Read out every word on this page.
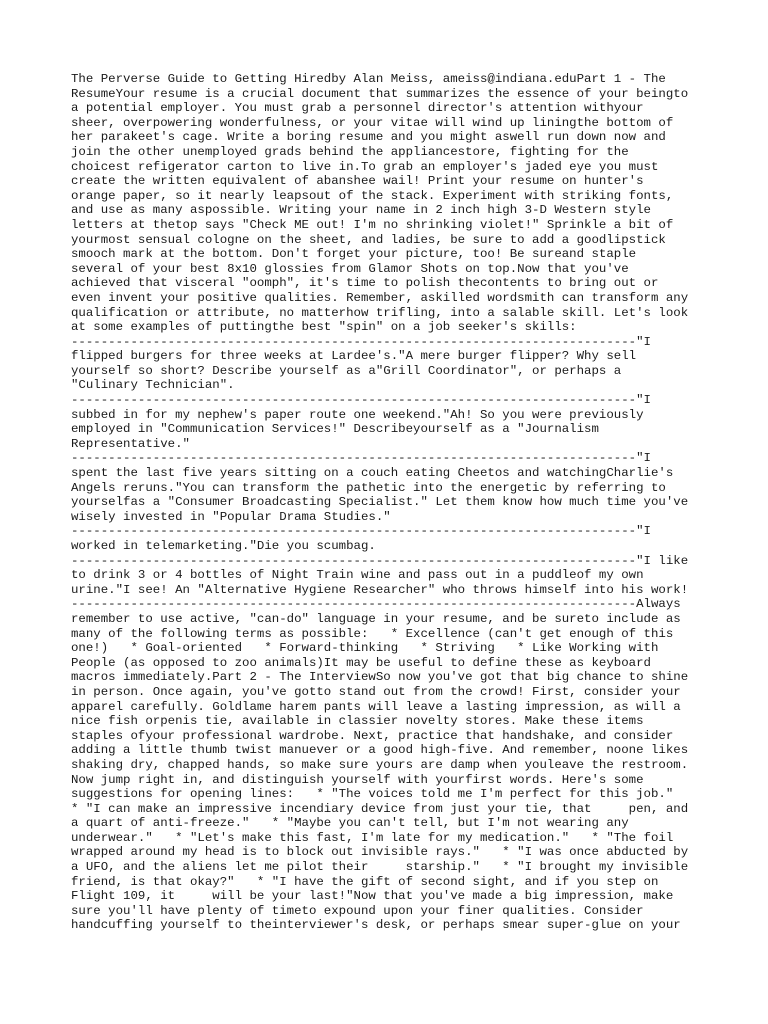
The Perverse Guide to Getting Hiredby Alan Meiss, ameiss@indiana.eduPart 1 - The
ResumeYour resume is a crucial document that summarizes the essence of your beingto
a potential employer. You must grab a personnel director's attention withyour
sheer, overpowering wonderfulness, or your vitae will wind up liningthe bottom of
her parakeet's cage. Write a boring resume and you might aswell run down now and
join the other unemployed grads behind the appliancestore, fighting for the
choicest refigerator carton to live in.To grab an employer's jaded eye you must
create the written equivalent of abanshee wail! Print your resume on hunter's
orange paper, so it nearly leapsout of the stack. Experiment with striking fonts,
and use as many aspossible. Writing your name in 2 inch high 3-D Western style
letters at thetop says "Check ME out! I'm no shrinking violet!" Sprinkle a bit of
yourmost sensual cologne on the sheet, and ladies, be sure to add a goodlipstick
smooch mark at the bottom. Don't forget your picture, too! Be sureand staple
several of your best 8x10 glossies from Glamor Shots on top.Now that you've
achieved that visceral "oomph", it's time to polish thecontents to bring out or
even invent your positive qualities. Remember, askilled wordsmith can transform any
qualification or attribute, no matterhow trifling, into a salable skill. Let's look
at some examples of puttingthe best "spin" on a job seeker's skills:
----------------------------------------------------------------------------"I
flipped burgers for three weeks at Lardee's."A mere burger flipper? Why sell
yourself so short? Describe yourself as a"Grill Coordinator", or perhaps a
"Culinary Technician".
----------------------------------------------------------------------------"I
subbed in for my nephew's paper route one weekend."Ah! So you were previously
employed in "Communication Services!" Describeyourself as a "Journalism
Representative."
----------------------------------------------------------------------------"I
spent the last five years sitting on a couch eating Cheetos and watchingCharlie's
Angels reruns."You can transform the pathetic into the energetic by referring to
yourselfas a "Consumer Broadcasting Specialist." Let them know how much time you've
wisely invested in "Popular Drama Studies."
----------------------------------------------------------------------------"I
worked in telemarketing."Die you scumbag.
----------------------------------------------------------------------------"I like
to drink 3 or 4 bottles of Night Train wine and pass out in a puddleof my own
urine."I see! An "Alternative Hygiene Researcher" who throws himself into his work!
----------------------------------------------------------------------------Always
remember to use active, "can-do" language in your resume, and be sureto include as
many of the following terms as possible:   * Excellence (can't get enough of this
one!)   * Goal-oriented   * Forward-thinking   * Striving   * Like Working with
People (as opposed to zoo animals)It may be useful to define these as keyboard
macros immediately.Part 2 - The InterviewSo now you've got that big chance to shine
in person. Once again, you've gotto stand out from the crowd! First, consider your
apparel carefully. Goldlame harem pants will leave a lasting impression, as will a
nice fish orpenis tie, available in classier novelty stores. Make these items
staples ofyour professional wardrobe. Next, practice that handshake, and consider
adding a little thumb twist manuever or a good high-five. And remember, noone likes
shaking dry, chapped hands, so make sure yours are damp when youleave the restroom.
Now jump right in, and distinguish yourself with yourfirst words. Here's some
suggestions for opening lines:   * "The voices told me I'm perfect for this job."
* "I can make an impressive incendiary device from just your tie, that     pen, and
a quart of anti-freeze."   * "Maybe you can't tell, but I'm not wearing any
underwear."   * "Let's make this fast, I'm late for my medication."   * "The foil
wrapped around my head is to block out invisible rays."   * "I was once abducted by
a UFO, and the aliens let me pilot their     starship."   * "I brought my invisible
friend, is that okay?"   * "I have the gift of second sight, and if you step on
Flight 109, it     will be your last!"Now that you've made a big impression, make
sure you'll have plenty of timeto expound upon your finer qualities. Consider
handcuffing yourself to theinterviewer's desk, or perhaps smear super-glue on your
